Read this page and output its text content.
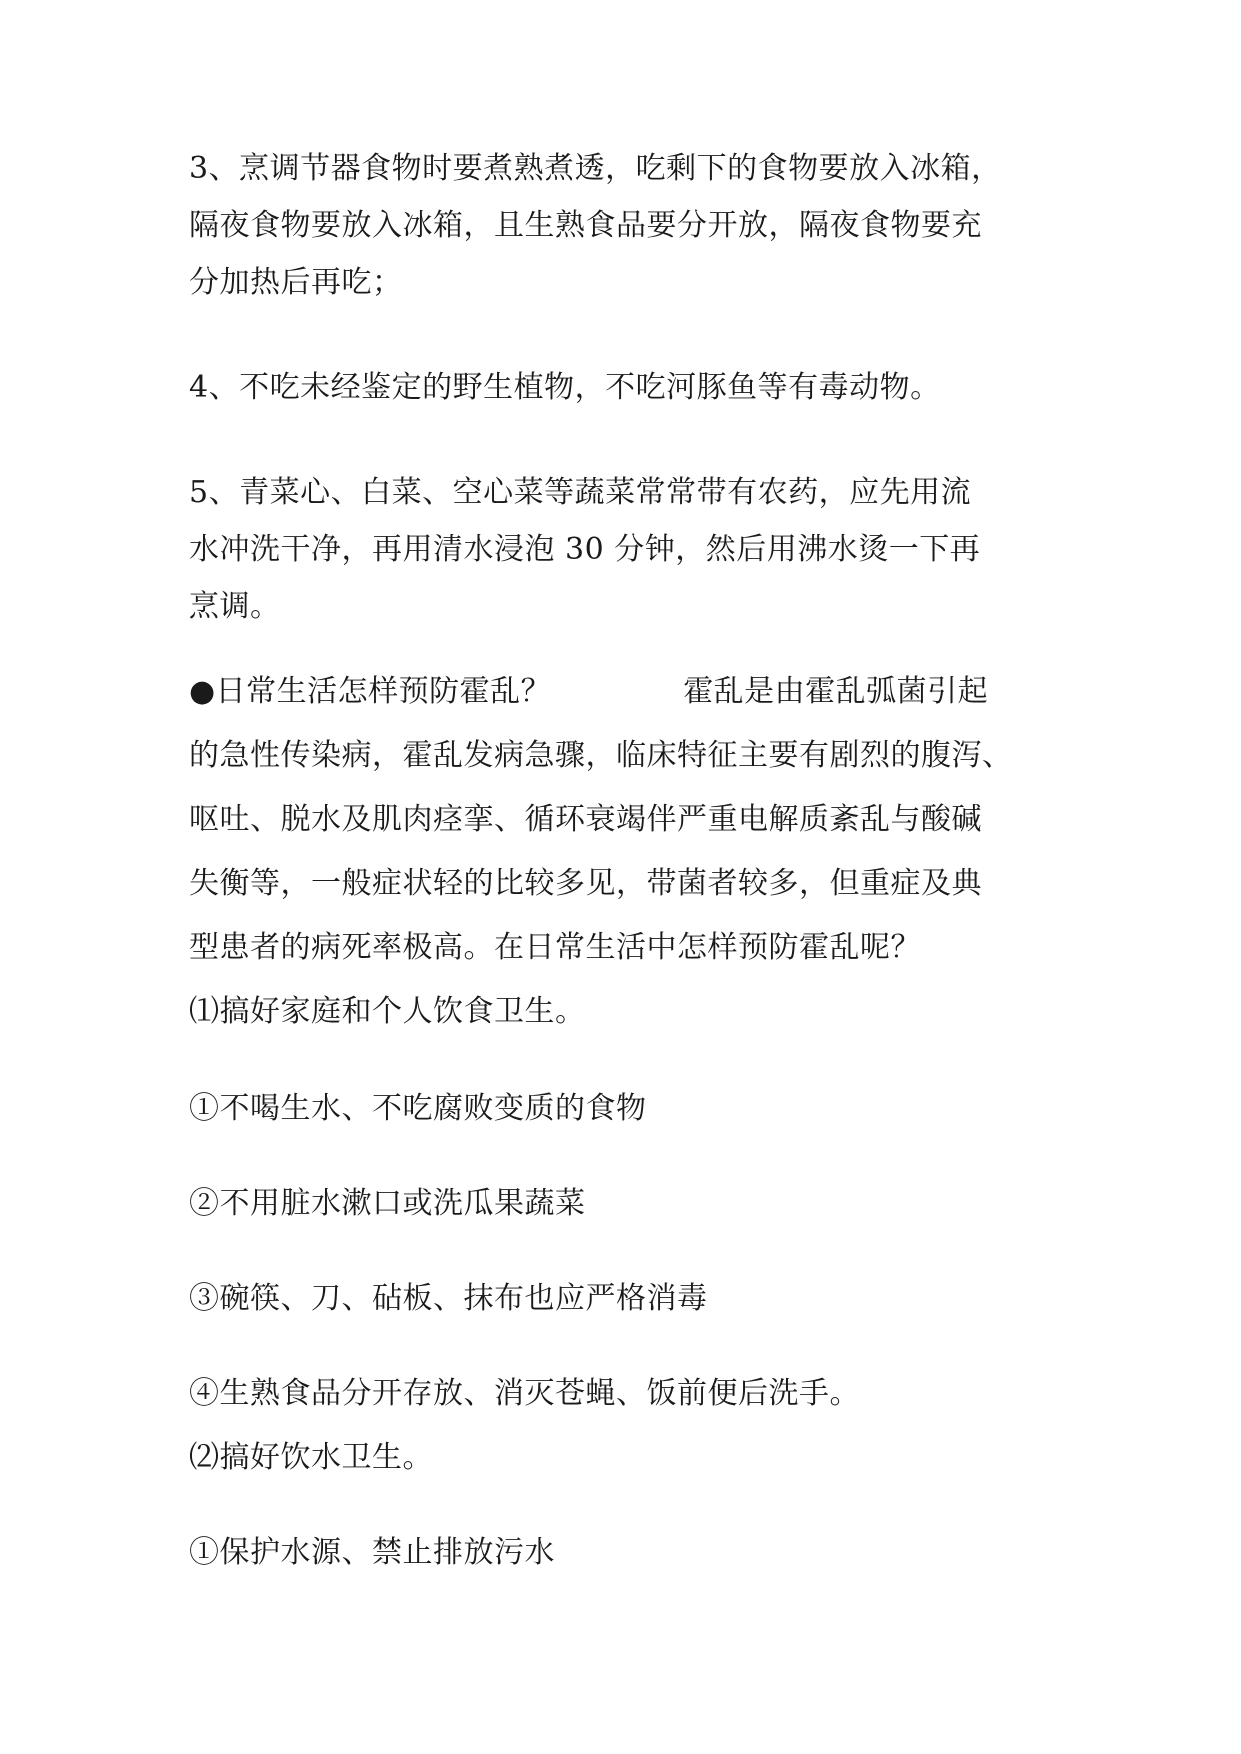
3、烹调节器食物时要煮熟煮透，吃剩下的食物要放入冰箱，
隔夜食物要放入冰箱，且生熟食品要分开放，隔夜食物要充
分加热后再吃；
4、不吃未经鉴定的野生植物，不吃河豚鱼等有毒动物。
5、青菜心、白菜、空心菜等蔬菜常常带有农药，应先用流
水冲洗干净，再用清水浸泡 30 分钟，然后用沸水烫一下再
烹调。
●日常生活怎样预防霍乱？	霍乱是由霍乱弧菌引起
的急性传染病，霍乱发病急骤，临床特征主要有剧烈的腹泻、
呕吐、脱水及肌肉痉挛、循环衰竭伴严重电解质紊乱与酸碱
失衡等，一般症状轻的比较多见，带菌者较多，但重症及典
型患者的病死率极高。在日常生活中怎样预防霍乱呢？
⑴搞好家庭和个人饮食卫生。
①不喝生水、不吃腐败变质的食物
②不用脏水漱口或洗瓜果蔬菜
③碗筷、刀、砧板、抹布也应严格消毒
④生熟食品分开存放、消灭苍蝇、饭前便后洗手。
⑵搞好饮水卫生。
①保护水源、禁止排放污水
